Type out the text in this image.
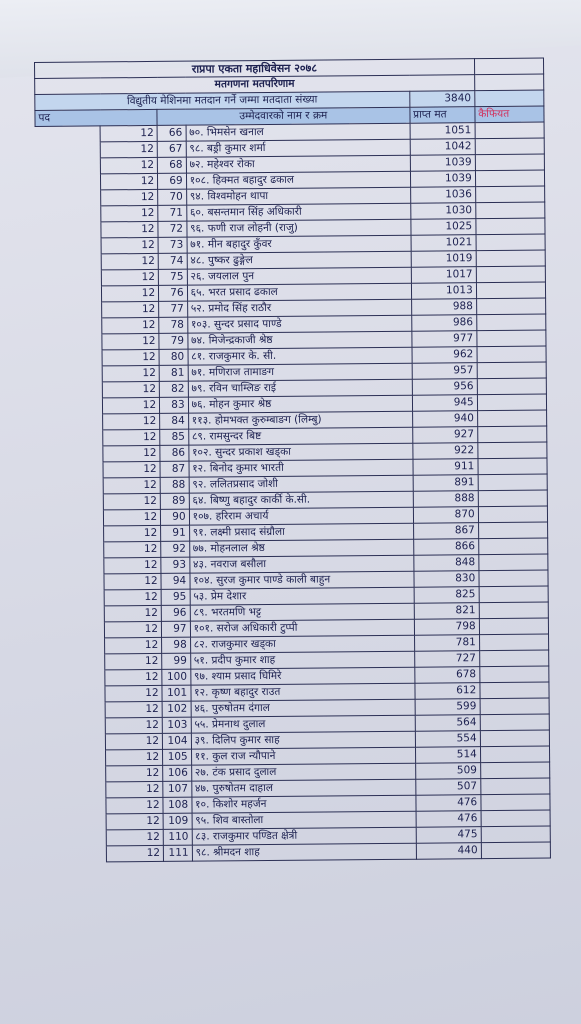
राप्रपा एकता महाधिवेसन २०७८					
मतगणना मतपरिणाम					
विद्युतीय मेशिनमा मतदान गर्ने जम्मा मतदाता संख्या				3840	
पद		उम्मेदवारको नाम र क्रम		प्राप्त मत	कैफियत
	12	66	७०. भिमसेन खनाल	1051	
	12	67	९८. बड्री कुमार शर्मा	1042	
	12	68	७२. महेश्वर रोका	1039	
	12	69	१०८. हिक्मत बहादुर ढकाल	1039	
	12	70	९४. विश्वमोहन थापा	1036	
	12	71	६०. बसन्तमान सिंह अधिकारी	1030	
	12	72	९६. फणी राज लोहनी (राजु)	1025	
	12	73	७१. मीन बहादुर कुँवर	1021	
	12	74	४८. पुष्कर ढुङ्गेल	1019	
	12	75	२६. जयलाल पुन	1017	
	12	76	६५. भरत प्रसाद ढकाल	1013	
	12	77	५२. प्रमोद सिंह राठौर	988	
	12	78	१०३. सुन्दर प्रसाद पाण्डे	986	
	12	79	७४. मिजेन्द्रकाजी श्रेष्ठ	977	
	12	80	८१. राजकुमार के. सी.	962	
	12	81	७१. मणिराज तामाङग	957	
	12	82	७९. रविन चाम्लिङ राई	956	
	12	83	७६. मोहन कुमार श्रेष्ठ	945	
	12	84	११३. होमभक्त कुरुम्बाङग (लिम्बु)	940	
	12	85	८९. रामसुन्दर बिष्ट	927	
	12	86	१०२. सुन्दर प्रकाश खड्का	922	
	12	87	१२. बिनोद कुमार भारती	911	
	12	88	९२. ललितप्रसाद जोशी	891	
	12	89	६४. बिष्णु बहादुर कार्की के.सी.	888	
	12	90	१०७. हरिराम अचार्य	870	
	12	91	९१. लक्ष्मी प्रसाद संग्रौला	867	
	12	92	७७. मोहनलाल श्रेष्ठ	866	
	12	93	४३. नवराज बसौला	848	
	12	94	१०४. सुरज कुमार पाण्डे काली बाहुन	830	
	12	95	५३. प्रेम देशार	825	
	12	96	८९. भरतमणि भट्ट	821	
	12	97	१०१. सरोज अधिकारी टुप्पी	798	
	12	98	८२. राजकुमार खड्का	781	
	12	99	५१. प्रदीप कुमार शाह	727	
	12	100	९७. श्याम प्रसाद घिमिरे	678	
	12	101	१२. कृष्ण बहादुर राउत	612	
	12	102	४६. पुरुषोतम दंगाल	599	
	12	103	५५. प्रेमनाथ दुलाल	564	
	12	104	३९. दिलिप कुमार साह	554	
	12	105	११. कुल राज न्यौपाने	514	
	12	106	२७. टंक प्रसाद दुलाल	509	
	12	107	४७. पुरुषोतम दाहाल	507	
	12	108	१०. किशोर महर्जन	476	
	12	109	९५. शिव बास्तोला	476	
	12	110	८३. राजकुमार पण्डित क्षेत्री	475	
	12	111	९८. श्रीमदन शाह	440	
